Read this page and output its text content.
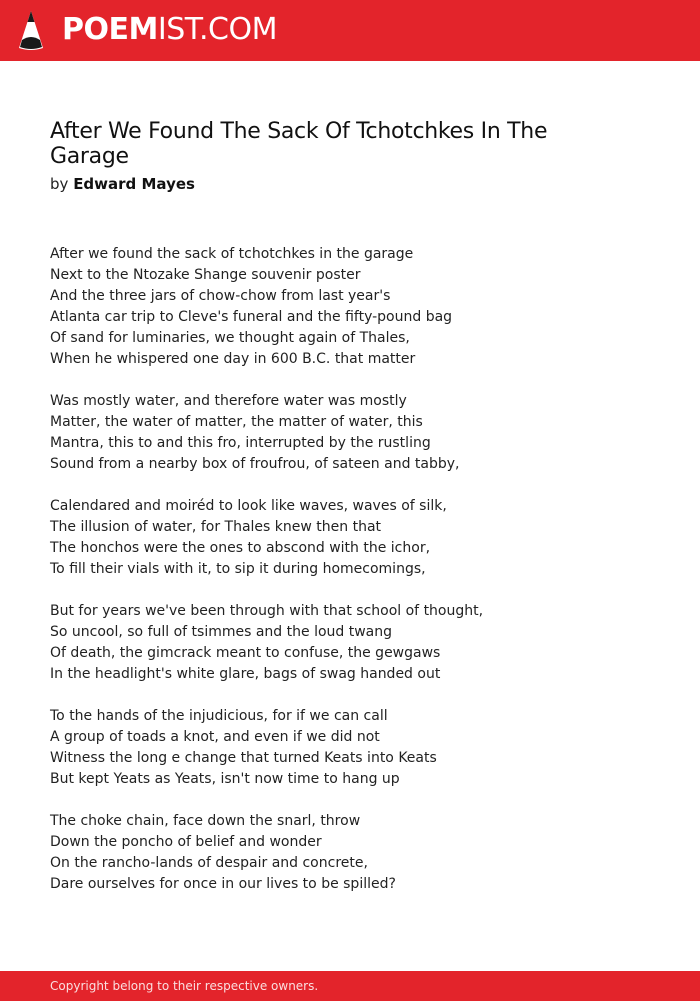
POEMIST.COM
After We Found The Sack Of Tchotchkes In The Garage
by Edward Mayes
After we found the sack of tchotchkes in the garage
Next to the Ntozake Shange souvenir poster
And the three jars of chow-chow from last year's
Atlanta car trip to Cleve's funeral and the fifty-pound bag
Of sand for luminaries, we thought again of Thales,
When he whispered one day in 600 B.C. that matter
Was mostly water, and therefore water was mostly
Matter, the water of matter, the matter of water, this
Mantra, this to and this fro, interrupted by the rustling
Sound from a nearby box of froufrou, of sateen and tabby,
Calendared and moiréd to look like waves, waves of silk,
The illusion of water, for Thales knew then that
The honchos were the ones to abscond with the ichor,
To fill their vials with it, to sip it during homecomings,
But for years we've been through with that school of thought,
So uncool, so full of tsimmes and the loud twang
Of death, the gimcrack meant to confuse, the gewgaws
In the headlight's white glare, bags of swag handed out
To the hands of the injudicious, for if we can call
A group of toads a knot, and even if we did not
Witness the long e change that turned Keats into Keats
But kept Yeats as Yeats, isn't now time to hang up
The choke chain, face down the snarl, throw
Down the poncho of belief and wonder
On the rancho-lands of despair and concrete,
Dare ourselves for once in our lives to be spilled?
Copyright belong to their respective owners.
